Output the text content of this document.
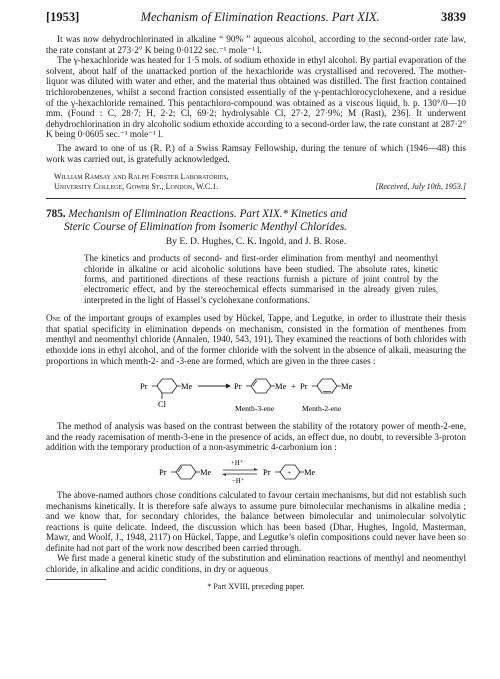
[1953]	Mechanism of Elimination Reactions. Part XIX.	3839

It was now dehydrochlorinated in alkaline “ 90% ” aqueous alcohol, according to the second-order rate law, the rate constant at 273·2° K being 0·0122 sec.⁻¹ mole⁻¹ l.

The γ-hexachloride was heated for 1·5 mols. of sodium ethoxide in ethyl alcohol. By partial evaporation of the solvent, about half of the unattacked portion of the hexachloride was crystallised and recovered. The mother-liquor was diluted with water and ether, and the material thus obtained was distilled. The first fraction contained trichlorobenzenes, whilst a second fraction consisted essentially of the γ-pentachlorocyclohexene, and a residue of the γ-hexachloride remained. This pentachloro-compound was obtained as a viscous liquid, b. p. 130°/0—10 mm. (Found : C, 28·7; H, 2·2; Cl, 69·2; hydrolysable Cl, 27·2, 27·9%; M (Rast), 236]. It underwent dehydrochlorination in dry alcoholic sodium ethoxide according to a second-order law, the rate constant at 287·2° K being 0·0605 sec.⁻¹ mole⁻¹ l.

The award to one of us (R. P.) of a Swiss Ramsay Fellowship, during the tenure of which (1946—48) this work was carried out, is gratefully acknowledged.

William Ramsay and Ralph Forster Laboratories,
University College, Gower St., London, W.C.1.	[Received, July 10th, 1953.]
785. Mechanism of Elimination Reactions. Part XIX.* Kinetics and
Steric Course of Elimination from Isomeric Menthyl Chlorides.
By E. D. Hughes, C. K. Ingold, and J. B. Rose.

The kinetics and products of second- and first-order elimination from menthyl and neomenthyl chloride in alkaline or acid alcoholic solutions have been studied. The absolute rates, kinetic forms, and partitioned directions of these reactions furnish a picture of joint control by the electromeric effect, and by the stereochemical effects summarised in the already given rules, interpreted in the light of Hassel’s cyclohexane conformations.

One of the important groups of examples used by Hückel, Tappe, and Legutke, in order to illustrate their thesis that spatial specificity in elimination depends on mechanism, consisted in the formation of menthenes from menthyl and neomenthyl chloride (Annalen, 1940, 543, 191). They examined the reactions of both chlorides with ethoxide ions in ethyl alcohol, and of the former chloride with the solvent in the absence of alkali, measuring the proportions in which menth-2- and -3-ene are formed, which are given in the three cases :

Pr	Me
Cl
Pr	Me + Pr	Me
Menth-3-ene	Menth-2-ene

The method of analysis was based on the contrast between the stability of the rotatory power of menth-2-ene, and the ready racemisation of menth-3-ene in the presence of acids, an effect due, no doubt, to reversible 3-proton addition with the temporary production of a non-asymmetric 4-carbonium ion :

Pr	Me
+H⁺
−H⁺
Pr + Me

The above-named authors chose conditions calculated to favour certain mechanisms, but did not establish such mechanisms kinetically. It is therefore safe always to assume pure bimolecular mechanisms in alkaline media ; and we know that, for secondary chlorides, the balance between bimolecular and unimolecular solvolytic reactions is quite delicate. Indeed, the discussion which has been based (Dhar, Hughes, Ingold, Masterman, Mawr, and Woolf, J., 1948, 2117) on Hückel, Tappe, and Legutke’s olefin compositions could never have been so definite had not part of the work now described been carried through.

We first made a general kinetic study of the substitution and elimination reactions of menthyl and neomenthyl chloride, in alkaline and acidic conditions, in dry or aqueous

* Part XVIII, preceding paper.
